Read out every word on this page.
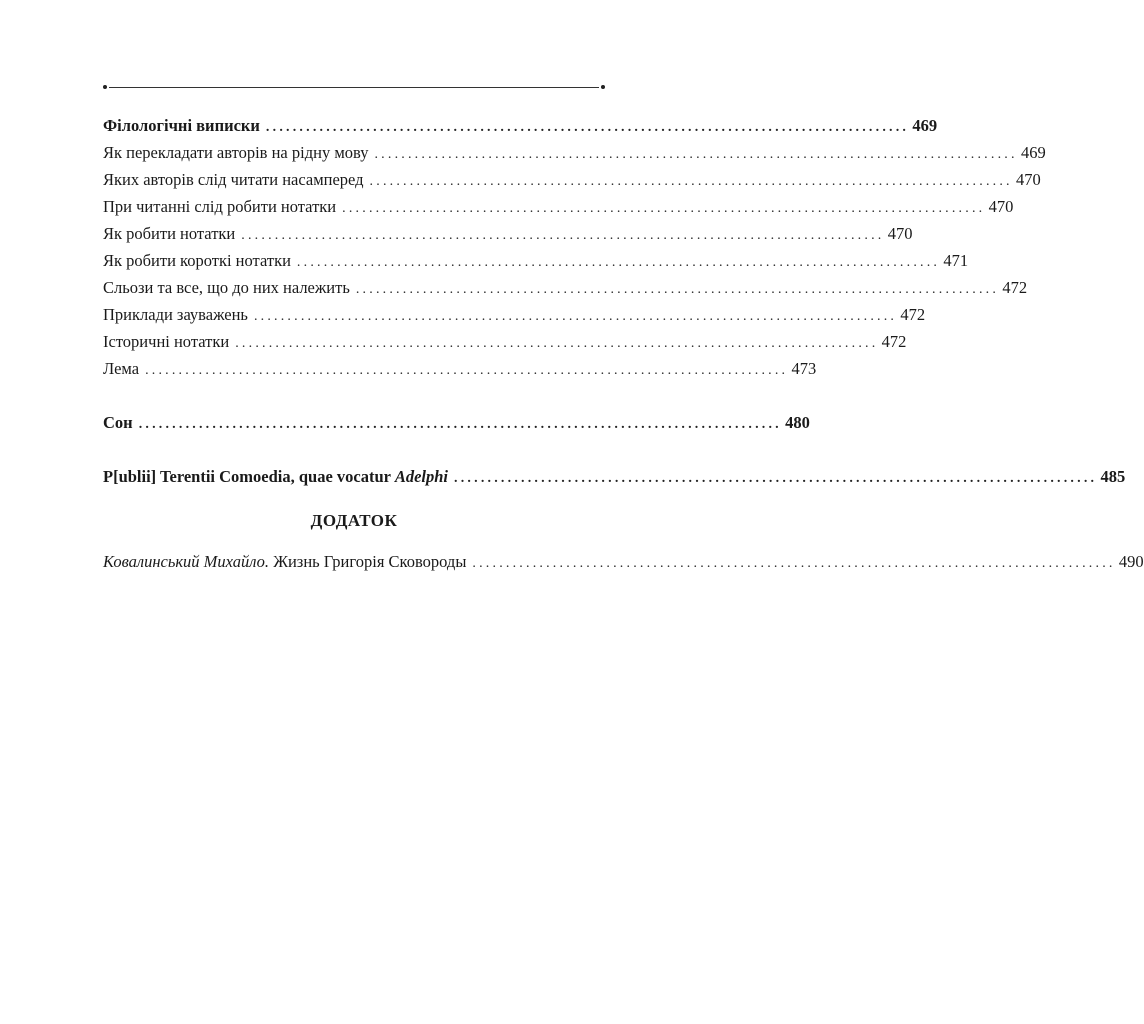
Філологічні виписки ................................................................................................ 469
Як перекладати авторів на рідну мову ................................................................................................ 469
Яких авторів слід читати насамперед ................................................................................................ 470
При читанні слід робити нотатки ................................................................................................ 470
Як робити нотатки ................................................................................................ 470
Як робити короткі нотатки ................................................................................................ 471
Сльози та все, що до них належить ................................................................................................ 472
Приклади зауважень ................................................................................................ 472
Історичні нотатки ................................................................................................ 472
Лема ................................................................................................ 473
Сон ................................................................................................ 480
P[ublii] Terentii Comoedia, quae vocatur Adelphi ................................................................................................ 485
ДОДАТОК
Ковалинський Михайло. Жизнь Григорія Сковороды ................................................................................................ 490
